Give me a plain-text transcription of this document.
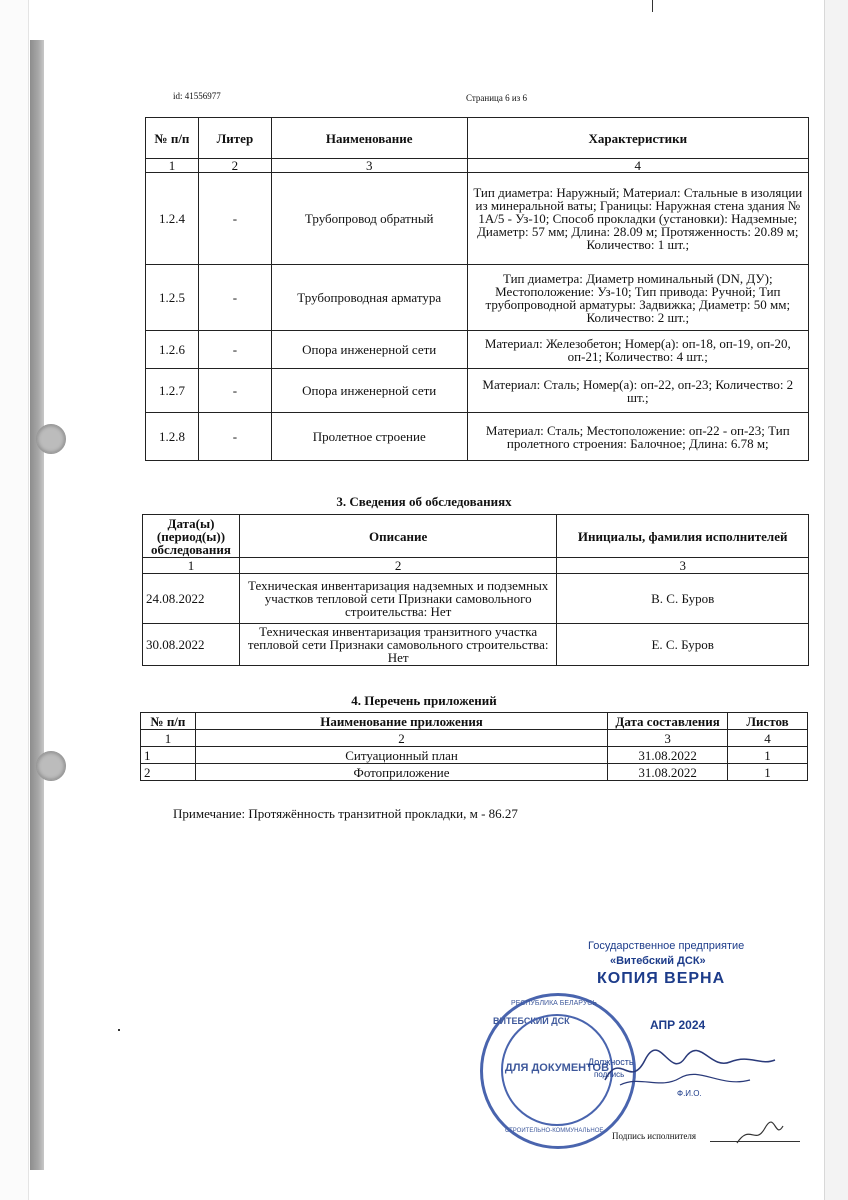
id: 41556977	Страница 6 из 6
№ п/п	Литер	Наименование	Характеристики
1	2	3	4
1.2.4	-	Трубопровод обратный	Тип диаметра: Наружный; Материал: Стальные в изоляции из минеральной ваты; Границы: Наружная стена здания № 1А/5 - Уз-10; Способ прокладки (установки): Надземные; Диаметр: 57 мм; Длина: 28.09 м; Протяженность: 20.89 м; Количество: 1 шт.;
1.2.5	-	Трубопроводная арматура	Тип диаметра: Диаметр номинальный (DN, ДУ); Местоположение: Уз-10; Тип привода: Ручной; Тип трубопроводной арматуры: Задвижка; Диаметр: 50 мм; Количество: 2 шт.;
1.2.6	-	Опора инженерной сети	Материал: Железобетон; Номер(а): оп-18, оп-19, оп-20, оп-21; Количество: 4 шт.;
1.2.7	-	Опора инженерной сети	Материал: Сталь; Номер(а): оп-22, оп-23; Количество: 2 шт.;
1.2.8	-	Пролетное строение	Материал: Сталь; Местоположение: оп-22 - оп-23; Тип пролетного строения: Балочное; Длина: 6.78 м;
3. Сведения об обследованиях
Дата(ы) (период(ы)) обследования	Описание	Инициалы, фамилия исполнителей
1	2	3
24.08.2022	Техническая инвентаризация надземных и подземных участков тепловой сети Признаки самовольного строительства: Нет	В. С. Буров
30.08.2022	Техническая инвентаризация транзитного участка тепловой сети Признаки самовольного строительства: Нет	Е. С. Буров
4. Перечень приложений
№ п/п	Наименование приложения	Дата составления	Листов
1	2	3	4
1	Ситуационный план	31.08.2022	1
2	Фотоприложение	31.08.2022	1
Примечание: Протяжённость транзитной прокладки, м - 86.27
Государственное предприятие
«Витебский ДСК»
КОПИЯ ВЕРНА
АПР 2024
Должность
подпись
Ф.И.О.
РЕСПУБЛИКА БЕЛАРУСЬ
ВИТЕБСКИЙ ДСК
СТРОИТЕЛЬНО-КОММУНАЛЬНОЕ
ДЛЯ ДОКУМЕНТОВ
Подпись исполнителя
